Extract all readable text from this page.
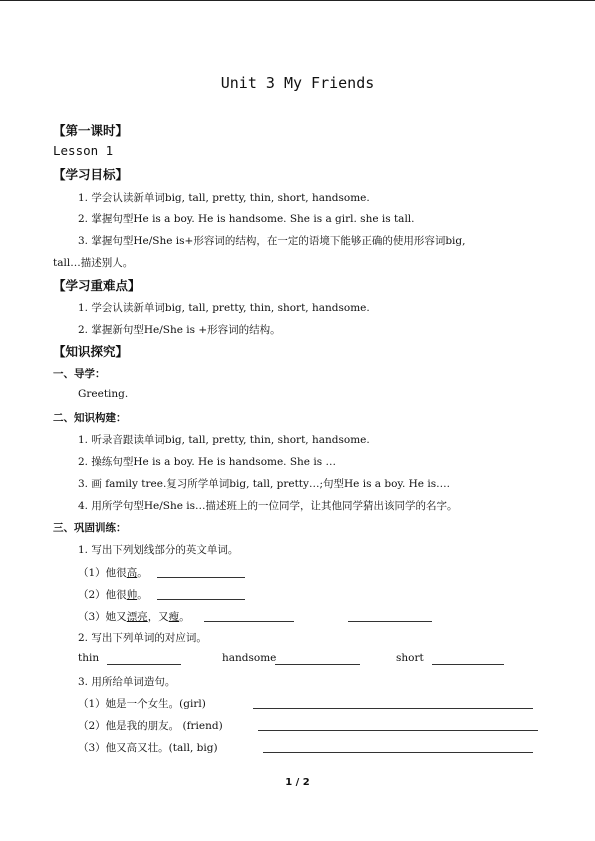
Unit 3 My Friends
【第一课时】
Lesson 1
【学习目标】
1. 学会认读新单词big, tall, pretty, thin, short, handsome.
2. 掌握句型He is a boy. He is handsome. She is a girl. she is tall.
3. 掌握句型He/She is+形容词的结构，在一定的语境下能够正确的使用形容词big,
tall…描述别人。
【学习重难点】
1. 学会认读新单词big, tall, pretty, thin, short, handsome.
2. 掌握新句型He/She is +形容词的结构。
【知识探究】
一、导学：
Greeting.
二、知识构建：
1. 听录音跟读单词big, tall, pretty, thin, short, handsome.
2. 操练句型He is a boy. He is handsome. She is …
3. 画 family tree.复习所学单词big, tall, pretty…;句型He is a boy. He is….
4. 用所学句型He/She is…描述班上的一位同学，让其他同学猜出该同学的名字。
三、巩固训练：
1. 写出下列划线部分的英文单词。
（1）他很高。
（2）他很帅。
（3）她又漂亮，又瘦。
2. 写出下列单词的对应词。
thin	handsome	short
3. 用所给单词造句。
（1）她是一个女生。(girl)
（2）他是我的朋友。 (friend)
（3）他又高又壮。(tall, big)
1 / 2
